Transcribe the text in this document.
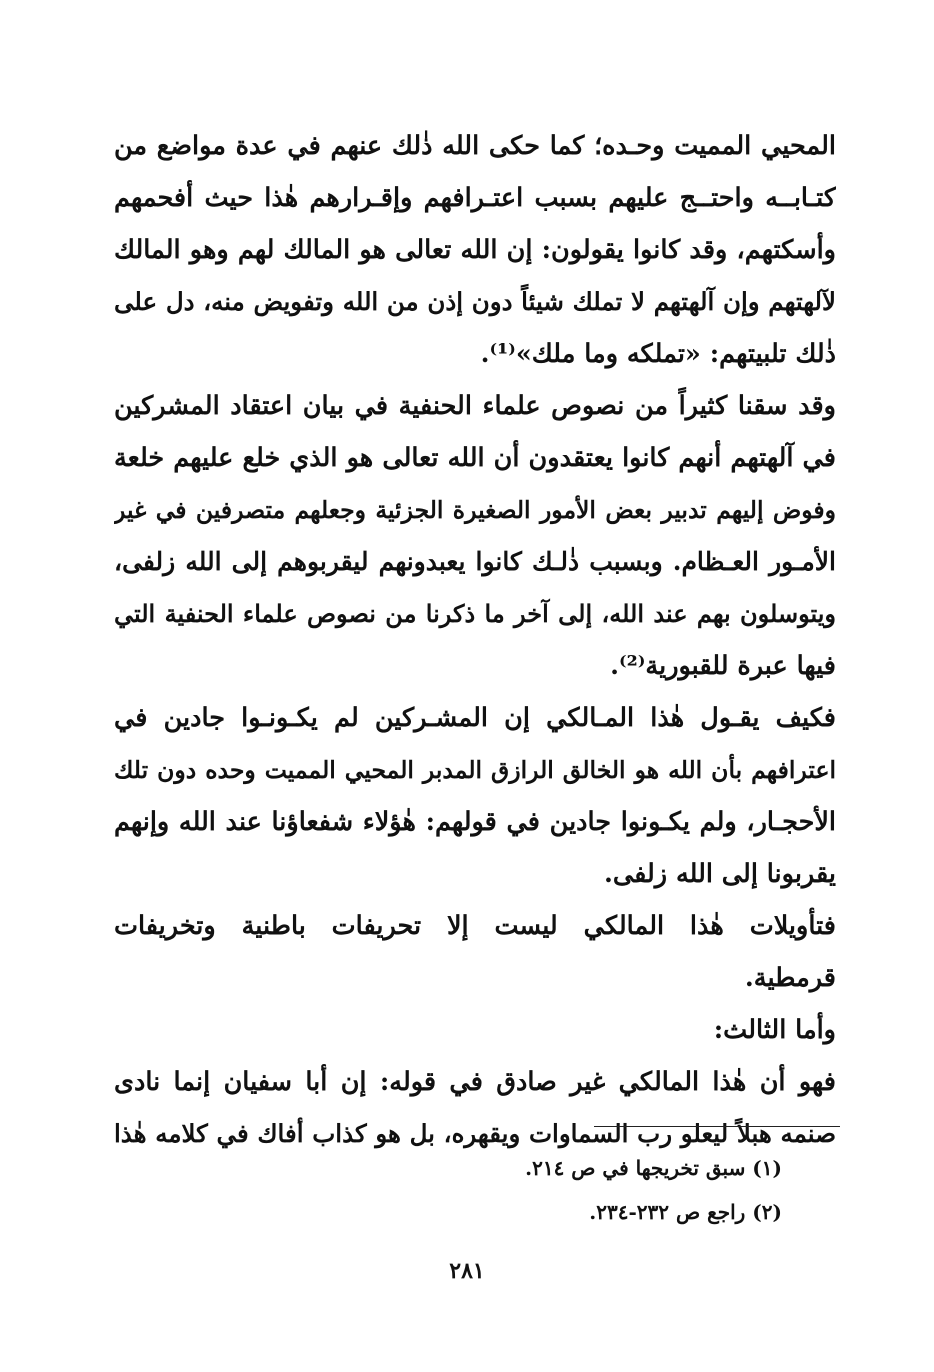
المحيي المميت وحـده؛ كما حكى الله ذٰلك عنهم في عدة مواضع من
كتـابــه واحتــج عليهم بسبب اعتـرافهم وإقـرارهم هٰذا حيث أفحمهم
وأسكتهم، وقد كانوا يقولون: إن الله تعالى هو المالك لهم وهو المالك
لآلهتهم وإن آلهتهم لا تملك شيئاً دون إذن من الله وتفويض منه، دل على
ذٰلك تلبيتهم: «تملكه وما ملك»⁽¹⁾.
وقد سقنا كثيراً من نصوص علماء الحنفية في بيان اعتقاد المشركين
في آلهتهم أنهم كانوا يعتقدون أن الله تعالى هو الذي خلع عليهم خلعة
وفوض إليهم تدبير بعض الأمور الصغيرة الجزئية وجعلهم متصرفين في غير
الأمـور العـظام. وبسبب ذٰلـك كانوا يعبدونهم ليقربوهم إلى الله زلفى،
ويتوسلون بهم عند الله، إلى آخر ما ذكرنا من نصوص علماء الحنفية التي
فيها عبرة للقبورية⁽²⁾.
فكيف يقـول هٰذا المـالكي إن المشـركين لم يكـونـوا جادين في
اعترافهم بأن الله هو الخالق الرازق المدبر المحيي المميت وحده دون تلك
الأحجـار، ولم يكـونوا جادين في قولهم: هٰؤلاء شفعاؤنا عند الله وإنهم
يقربونا إلى الله زلفى.
فتأويلات هٰذا المالكي ليست إلا تحريفات باطنية وتخريفات
قرمطية.
وأما الثالث:
فهو أن هٰذا المالكي غير صادق في قوله: إن أبا سفيان إنما نادى
صنمه هبلاً ليعلو رب السماوات ويقهره، بل هو كذاب أفاك في كلامه هٰذا
(١) سبق تخريجها في ص ٢١٤.
(٢) راجع ص ٢٣٢-٢٣٤.
٢٨١
